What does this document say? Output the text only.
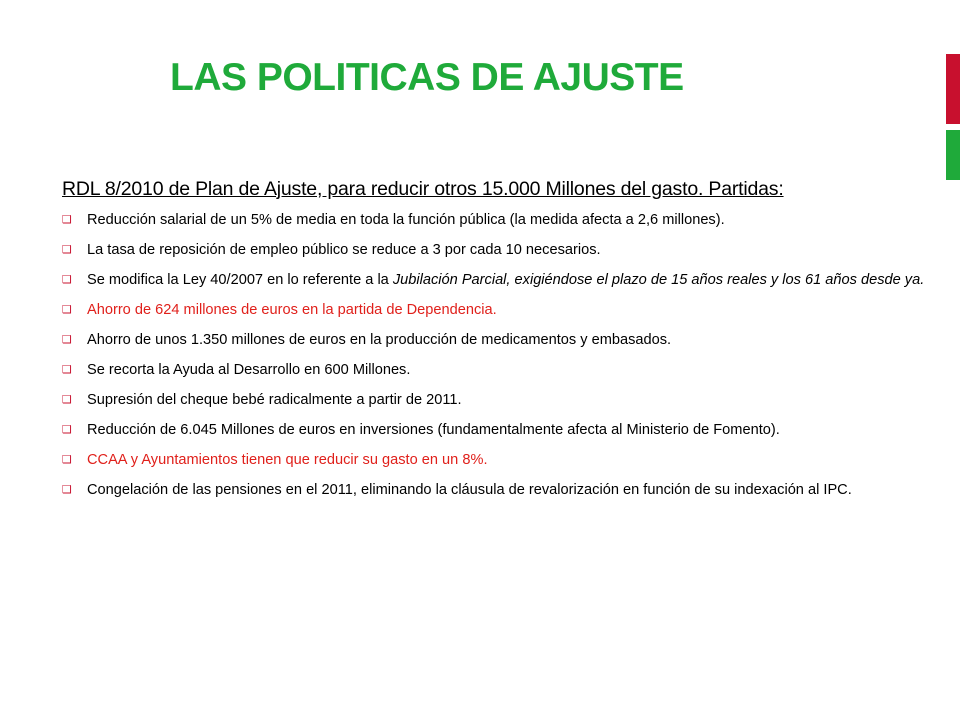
LAS POLITICAS DE AJUSTE

RDL 8/2010 de Plan de Ajuste, para reducir otros 15.000 Millones del gasto. Partidas:

❑ Reducción salarial de un 5% de media en toda la función pública (la medida afecta a 2,6 millones).
❑ La tasa de reposición de empleo público se reduce a 3 por cada 10 necesarios.
❑ Se modifica la Ley 40/2007 en lo referente a la Jubilación Parcial, exigiéndose el plazo de 15 años reales y los 61 años desde ya.
❑ Ahorro de 624 millones de euros en la partida de Dependencia.
❑ Ahorro de unos 1.350 millones de euros en la producción de medicamentos y embasados.
❑ Se recorta la Ayuda al Desarrollo en 600 Millones.
❑ Supresión del cheque bebé radicalmente a partir de 2011.
❑ Reducción de 6.045 Millones de euros en inversiones (fundamentalmente afecta al Ministerio de Fomento).
❑ CCAA y Ayuntamientos tienen que reducir su gasto en un 8%.
❑ Congelación de las pensiones en el 2011, eliminando la cláusula de revalorización en función de su indexación al IPC.
